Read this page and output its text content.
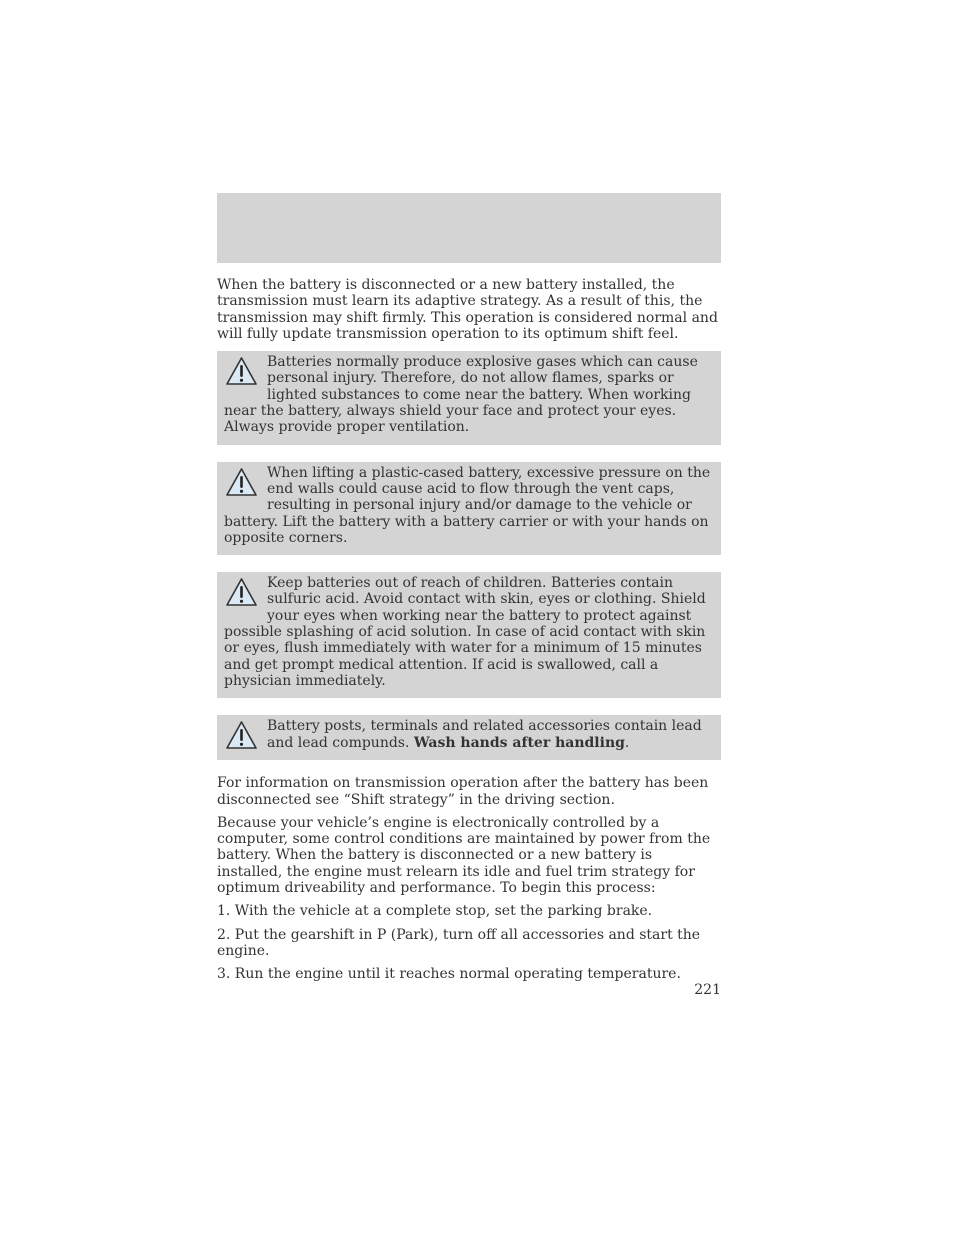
When the battery is disconnected or a new battery installed, the transmission must learn its adaptive strategy. As a result of this, the transmission may shift firmly. This operation is considered normal and will fully update transmission operation to its optimum shift feel.

Batteries normally produce explosive gases which can cause personal injury. Therefore, do not allow flames, sparks or lighted substances to come near the battery. When working near the battery, always shield your face and protect your eyes. Always provide proper ventilation.

When lifting a plastic-cased battery, excessive pressure on the end walls could cause acid to flow through the vent caps, resulting in personal injury and/or damage to the vehicle or battery. Lift the battery with a battery carrier or with your hands on opposite corners.

Keep batteries out of reach of children. Batteries contain sulfuric acid. Avoid contact with skin, eyes or clothing. Shield your eyes when working near the battery to protect against possible splashing of acid solution. In case of acid contact with skin or eyes, flush immediately with water for a minimum of 15 minutes and get prompt medical attention. If acid is swallowed, call a physician immediately.

Battery posts, terminals and related accessories contain lead and lead compunds. Wash hands after handling.

For information on transmission operation after the battery has been disconnected see “Shift strategy” in the driving section.

Because your vehicle’s engine is electronically controlled by a computer, some control conditions are maintained by power from the battery. When the battery is disconnected or a new battery is installed, the engine must relearn its idle and fuel trim strategy for optimum driveability and performance. To begin this process:

1. With the vehicle at a complete stop, set the parking brake.

2. Put the gearshift in P (Park), turn off all accessories and start the engine.

3. Run the engine until it reaches normal operating temperature.

221
